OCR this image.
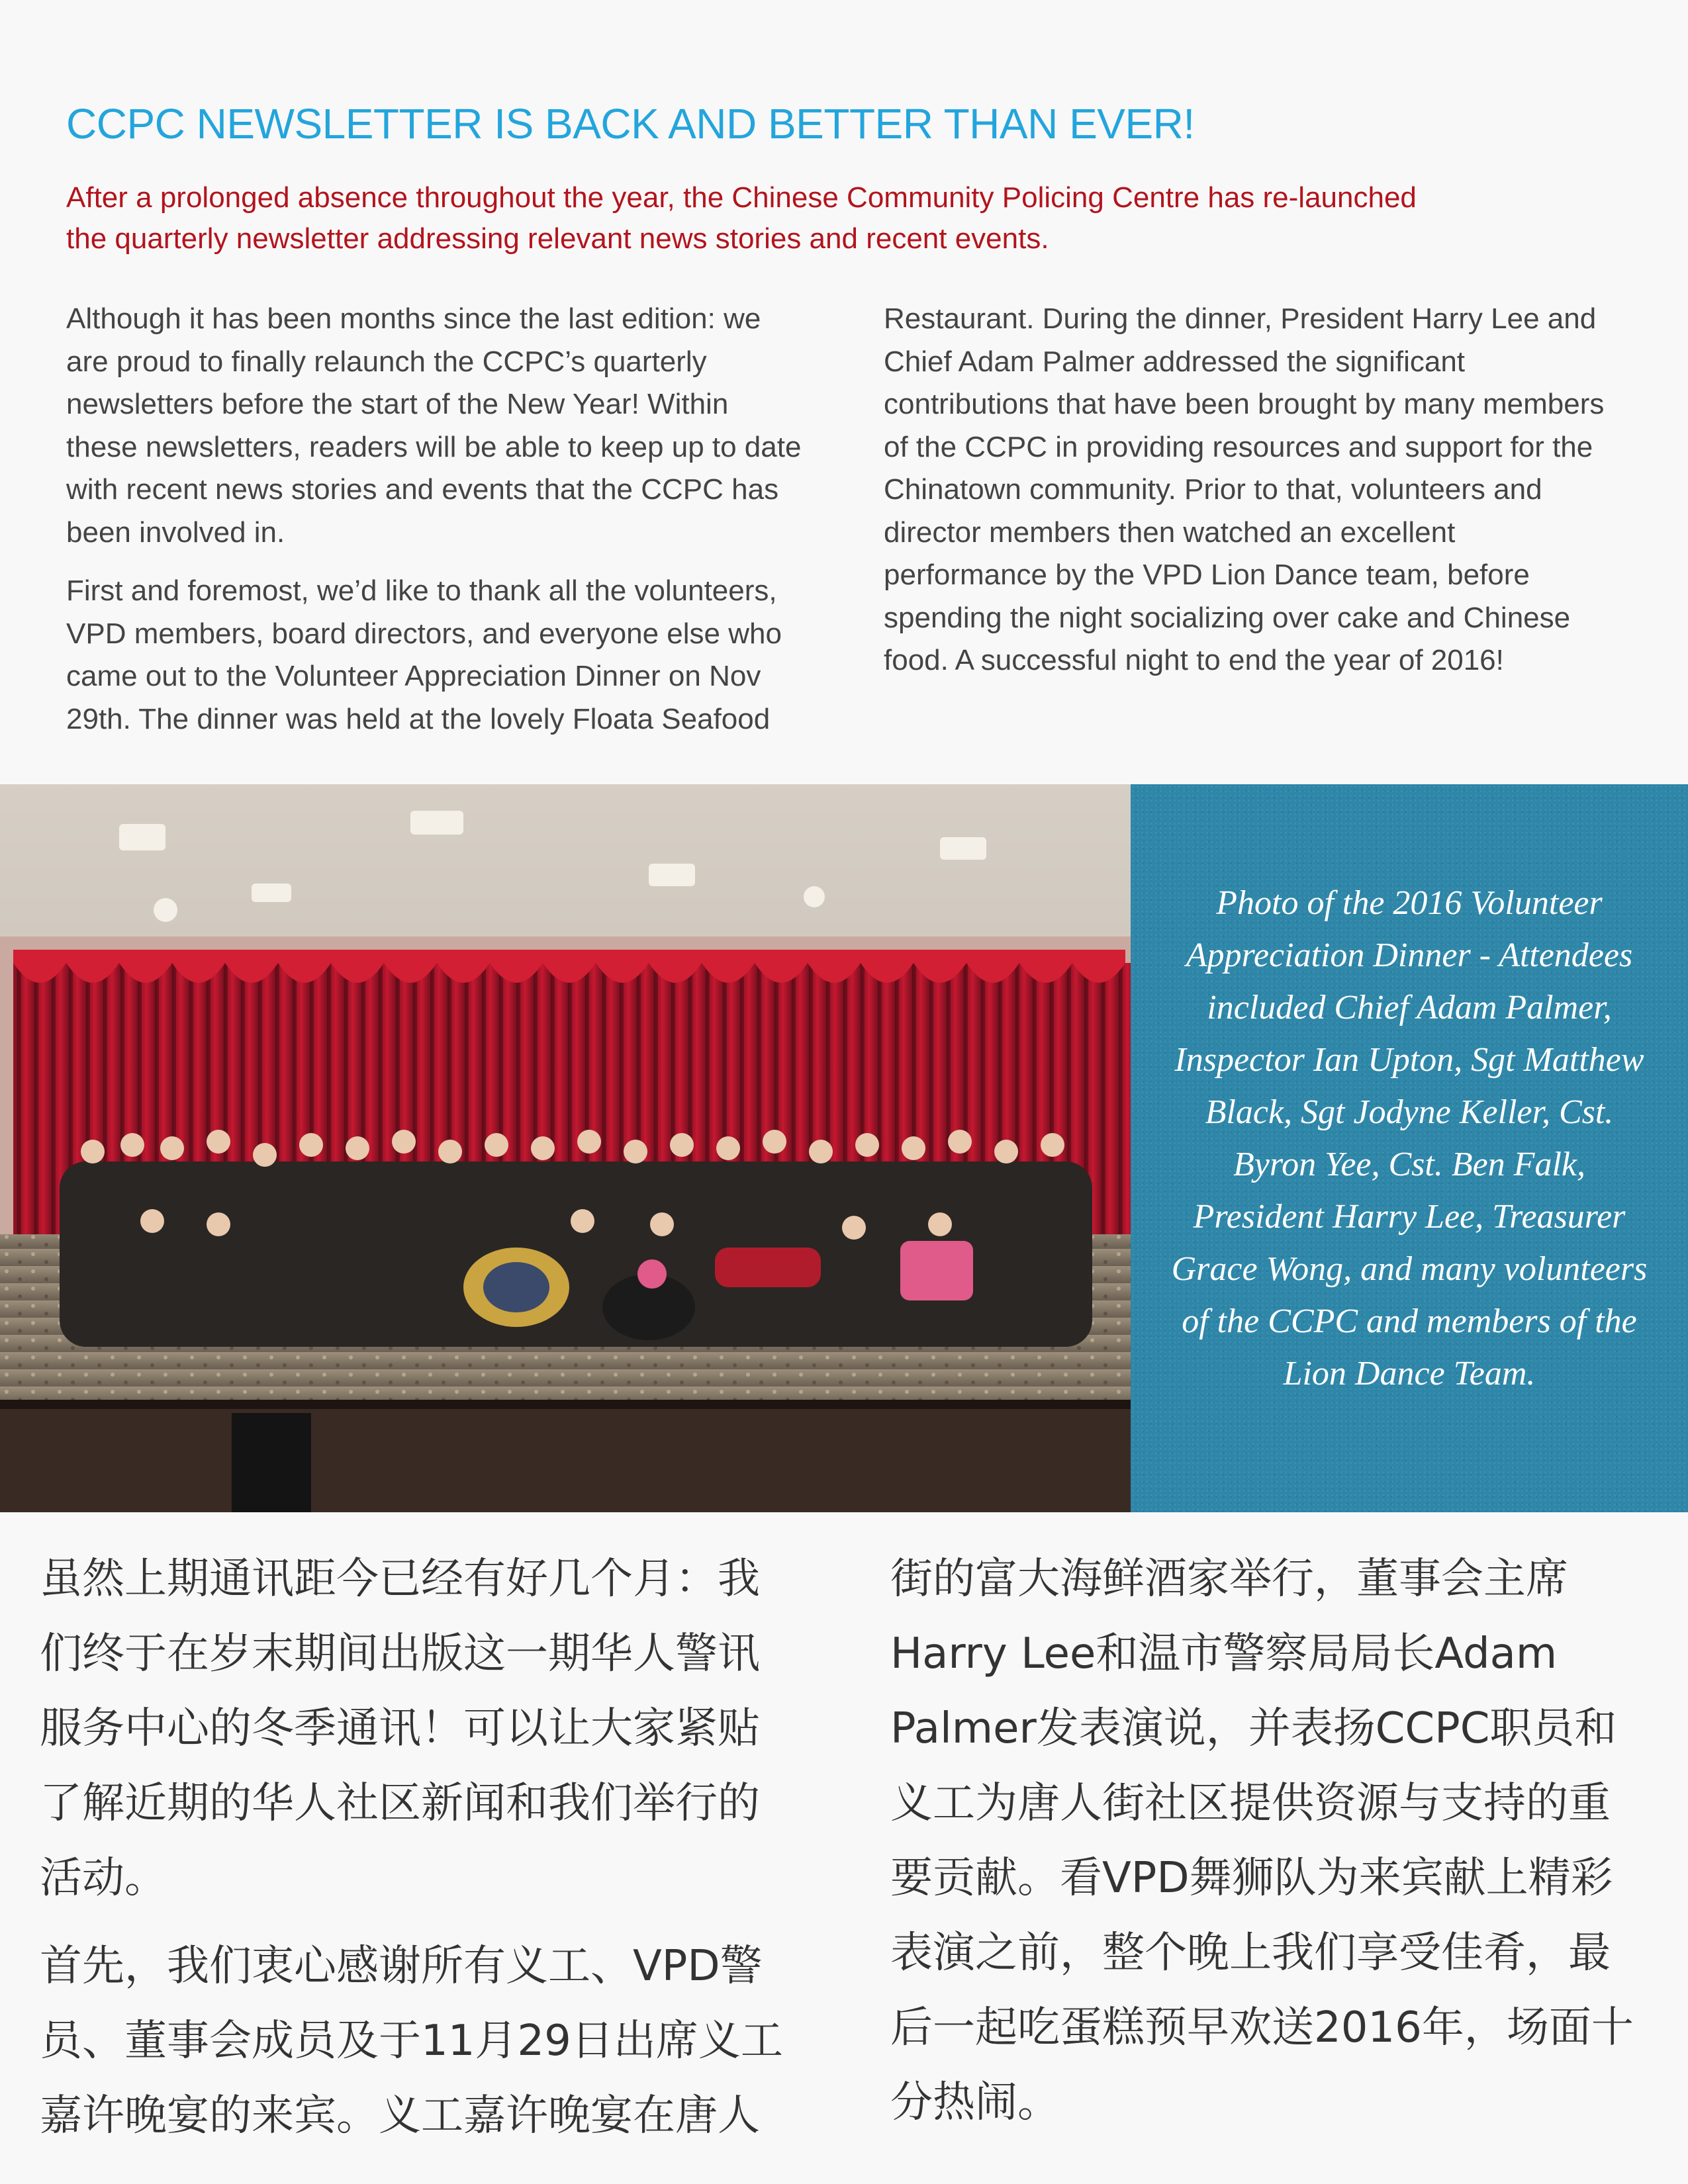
CCPC NEWSLETTER IS BACK AND BETTER THAN EVER!

After a prolonged absence throughout the year, the Chinese Community Policing Centre has re-launched the quarterly newsletter addressing relevant news stories and recent events.

Although it has been months since the last edition: we are proud to finally relaunch the CCPC’s quarterly newsletters before the start of the New Year! Within these newsletters, readers will be able to keep up to date with recent news stories and events that the CCPC has been involved in.

First and foremost, we’d like to thank all the volunteers, VPD members, board directors, and everyone else who came out to the Volunteer Appreciation Dinner on Nov 29th. The dinner was held at the lovely Floata Seafood Restaurant. During the dinner, President Harry Lee and Chief Adam Palmer addressed the significant contributions that have been brought by many members of the CCPC in providing resources and support for the Chinatown community. Prior to that, volunteers and director members then watched an excellent performance by the VPD Lion Dance team, before spending the night socializing over cake and Chinese food. A successful night to end the year of 2016!

Photo of the 2016 Volunteer Appreciation Dinner - Attendees included Chief Adam Palmer, Inspector Ian Upton, Sgt Matthew Black, Sgt Jodyne Keller, Cst. Byron Yee, Cst. Ben Falk, President Harry Lee, Treasurer Grace Wong, and many volunteers of the CCPC and members of the Lion Dance Team.

虽然上期通讯距今已经有好几个月：我们终于在岁末期间出版这一期华人警讯服务中心的冬季通讯！可以让大家紧贴了解近期的华人社区新闻和我们举行的活动。

首先，我们衷心感谢所有义工、VPD警员、董事会成员及于11月29日出席义工嘉许晚宴的来宾。义工嘉许晚宴在唐人街的富大海鲜酒家举行，董事会主席Harry Lee和温市警察局局长Adam Palmer发表演说，并表扬CCPC职员和义工为唐人街社区提供资源与支持的重要贡献。看VPD舞狮队为来宾献上精彩表演之前，整个晚上我们享受佳肴，最后一起吃蛋糕预早欢送2016年，场面十分热闹。
